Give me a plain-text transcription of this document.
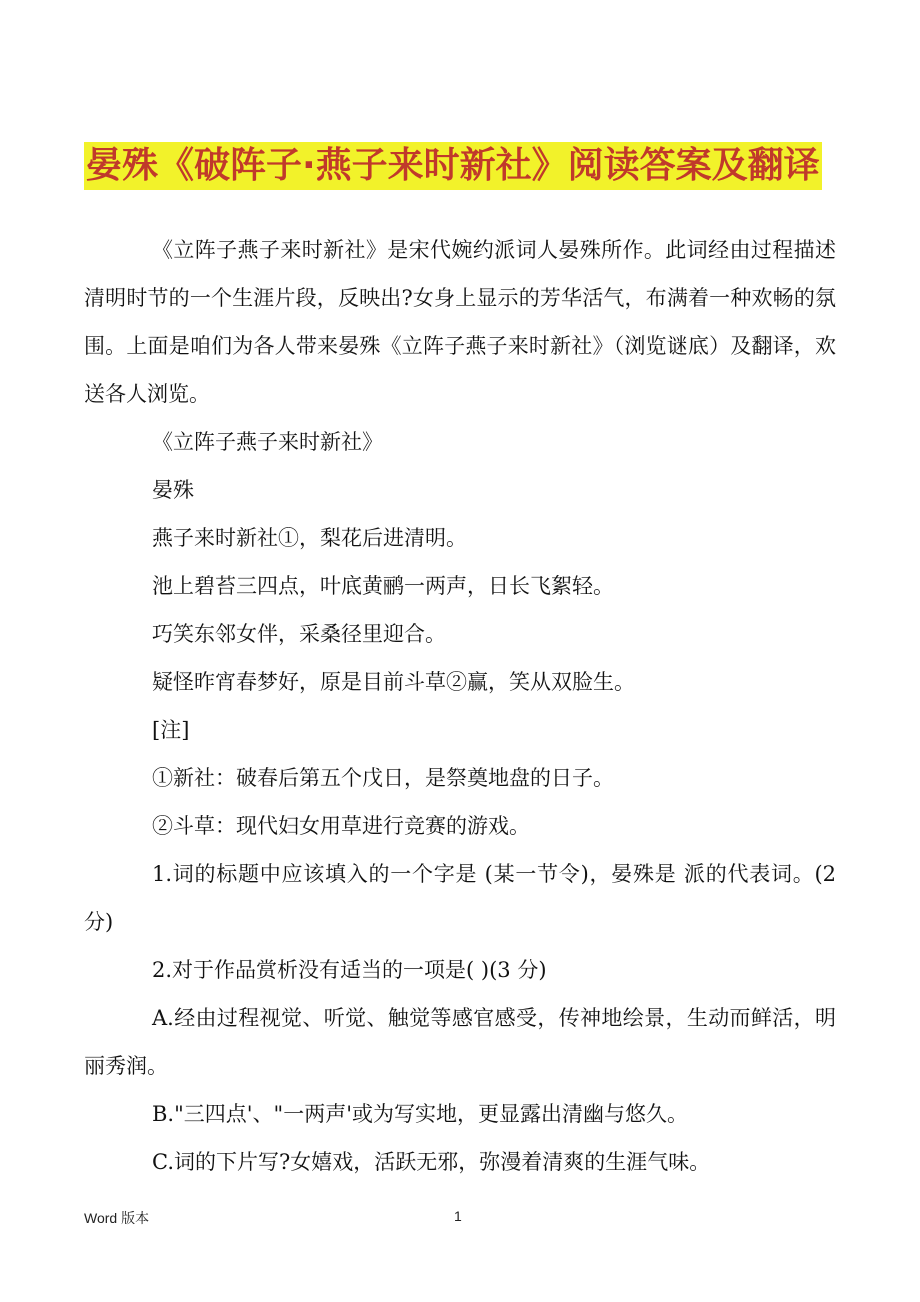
晏殊《破阵子·燕子来时新社》阅读答案及翻译

《立阵子燕子来时新社》是宋代婉约派词人晏殊所作。此词经由过程描述清明时节的一个生涯片段，反映出?女身上显示的芳华活气，布满着一种欢畅的氛围。上面是咱们为各人带来晏殊《立阵子燕子来时新社》（浏览谜底）及翻译，欢送各人浏览。

《立阵子燕子来时新社》
晏殊
燕子来时新社①，梨花后进清明。
池上碧苔三四点，叶底黄鹂一两声，日长飞絮轻。
巧笑东邻女伴，采桑径里迎合。
疑怪昨宵春梦好，原是目前斗草②赢，笑从双脸生。
[注]
①新社：破春后第五个戊日，是祭奠地盘的日子。
②斗草：现代妇女用草进行竞赛的游戏。

1.词的标题中应该填入的一个字是 (某一节令)，晏殊是 派的代表词。(2 分)

2.对于作品赏析没有适当的一项是( )(3 分)

A.经由过程视觉、听觉、触觉等感官感受，传神地绘景，生动而鲜活，明丽秀润。

B."三四点'、"一两声'或为写实地，更显露出清幽与悠久。
C.词的下片写?女嬉戏，活跃无邪，弥漫着清爽的生涯气味。
Word 版本	1
